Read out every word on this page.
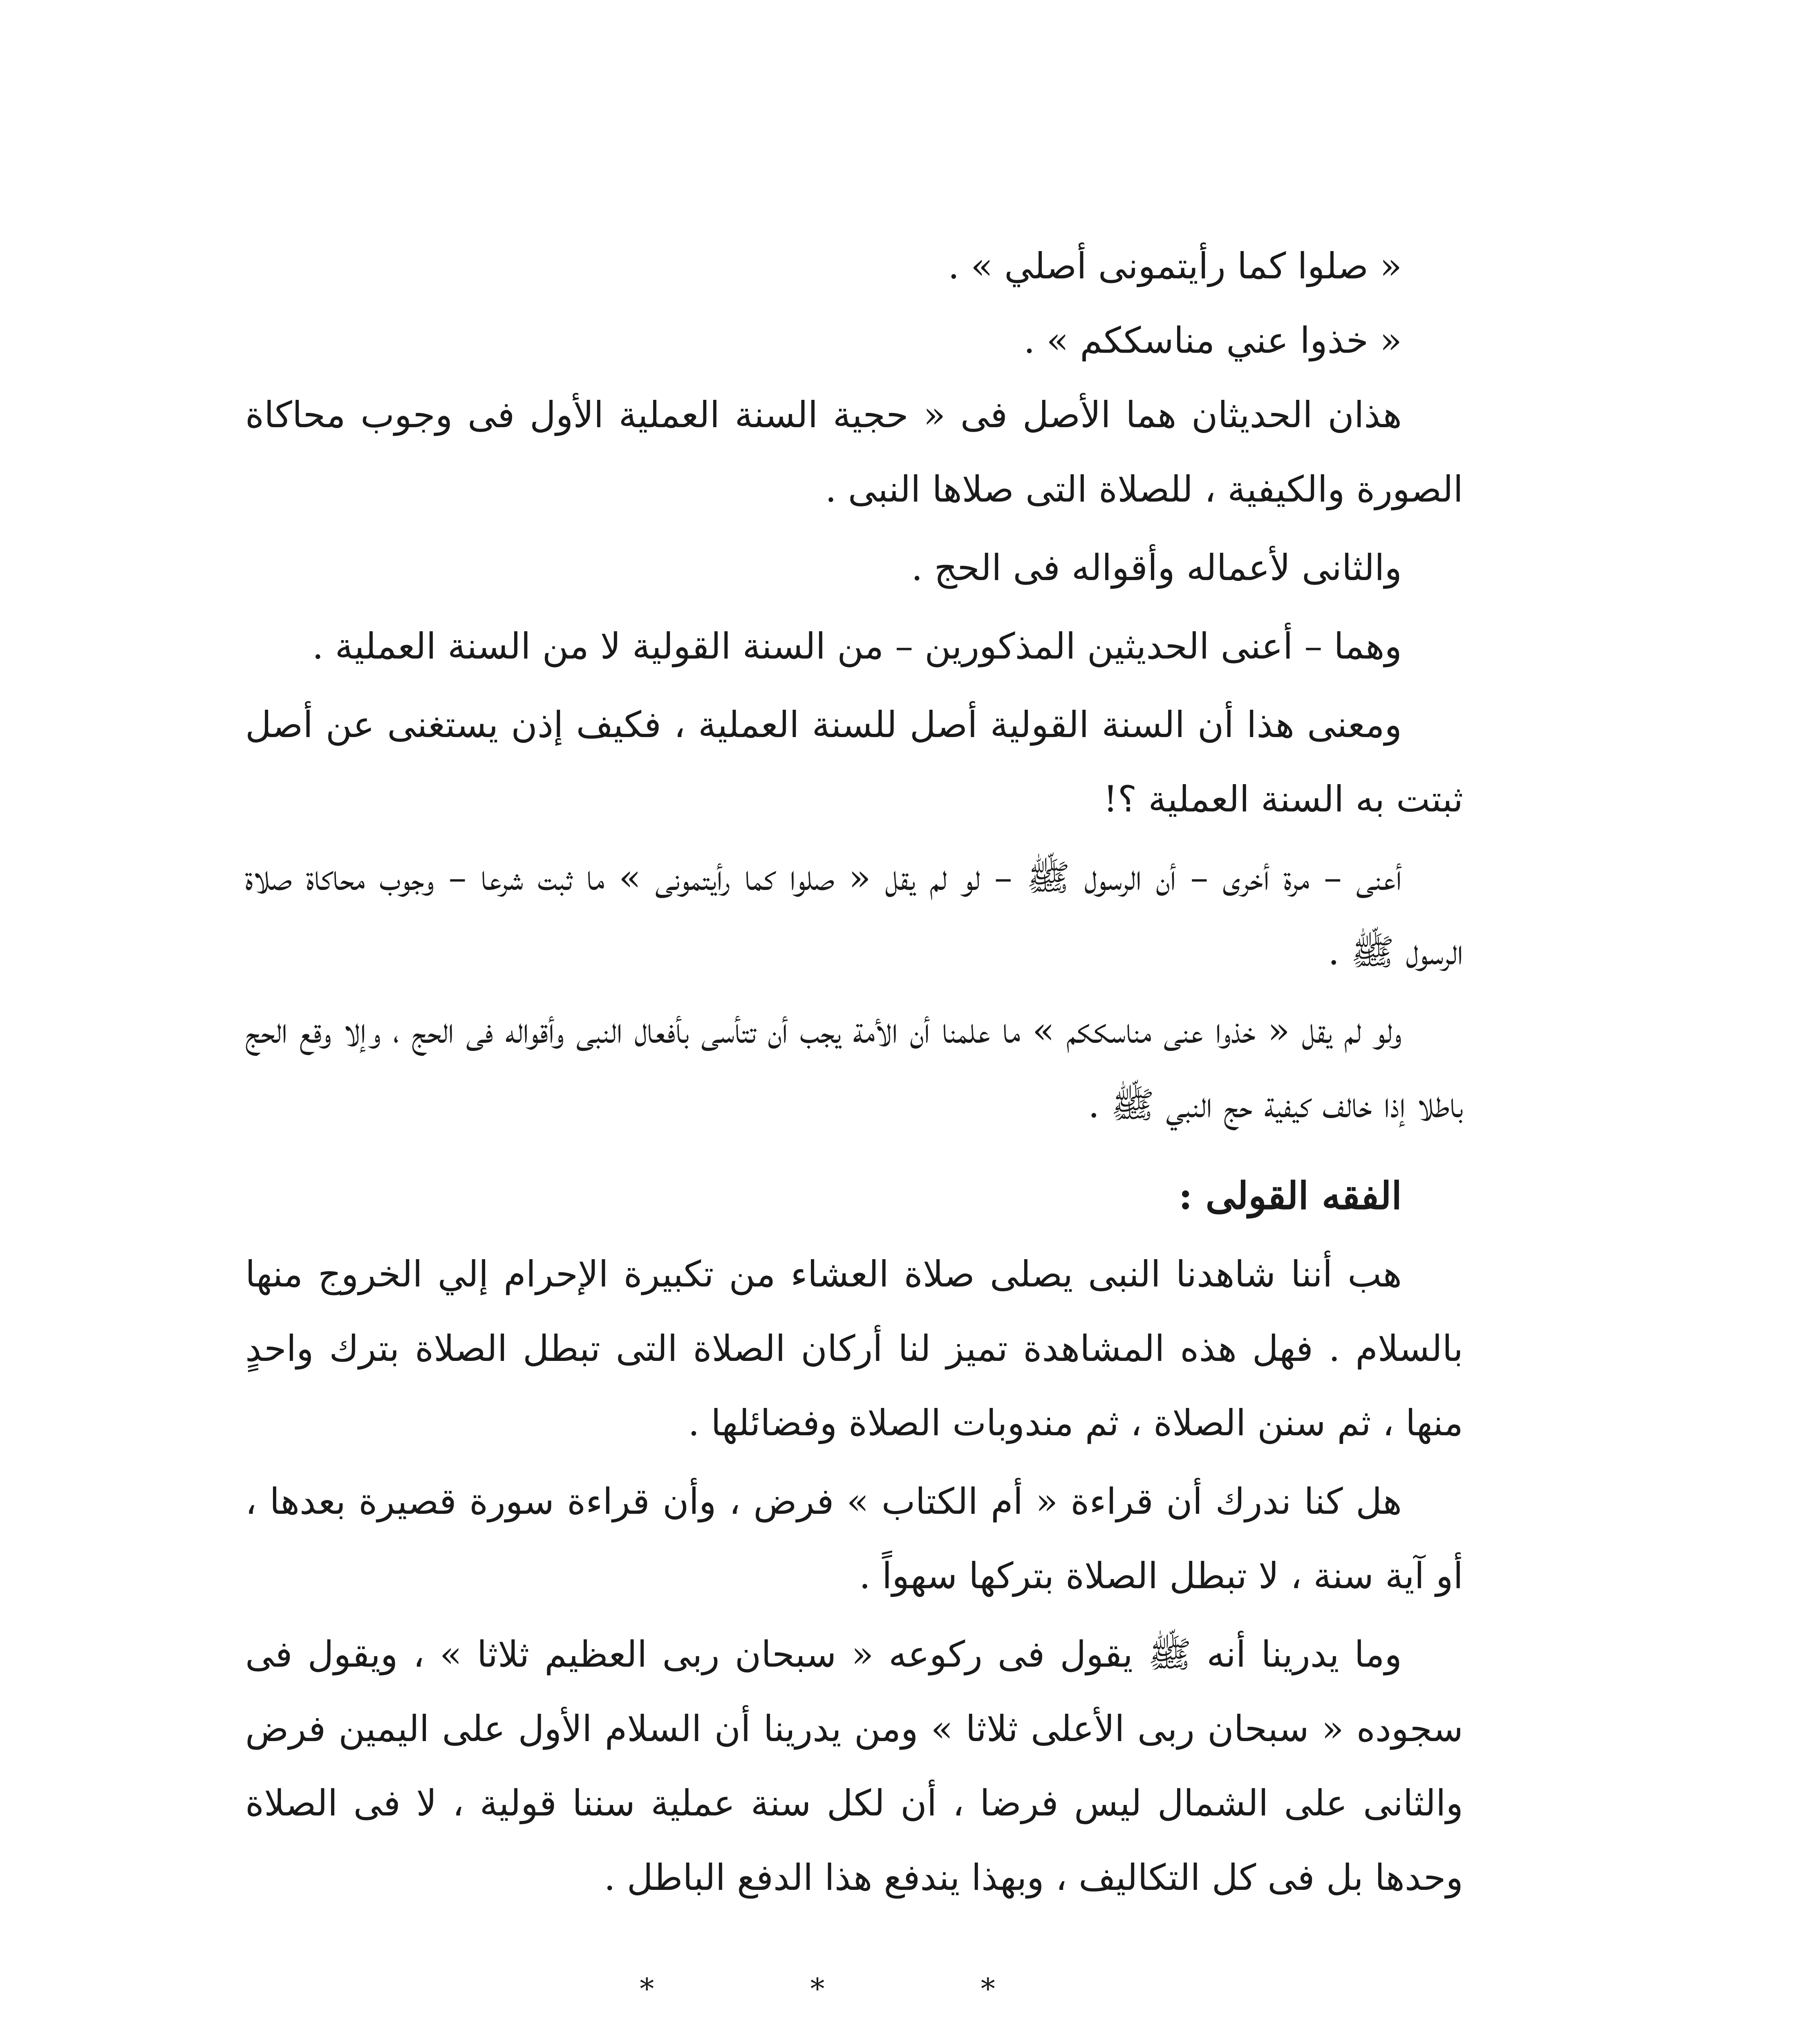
« صلوا كما رأيتمونى أصلي » .

« خذوا عني مناسككم » .

هذان الحديثان هما الأصل فى « حجية السنة العملية الأول فى وجوب محاكاة الصورة والكيفية ، للصلاة التى صلاها النبى .

والثانى لأعماله وأقواله فى الحج .

وهما – أعنى الحديثين المذكورين – من السنة القولية لا من السنة العملية .

ومعنى هذا أن السنة القولية أصل للسنة العملية ، فكيف إذن يستغنى عن أصل ثبتت به السنة العملية ؟!

أعنى – مرة أخرى – أن الرسول ﷺ – لو لم يقل « صلوا كما رأيتمونى » ما ثبت شرعا – وجوب محاكاة صلاة الرسول ﷺ .

ولو لم يقل « خذوا عنى مناسككم » ما علمنا أن الأمة يجب أن تتأسى بأفعال النبى وأقواله فى الحج ، وإلا وقع الحج باطلا إذا خالف كيفية حج النبي ﷺ .

الفقه القولى :

هب أننا شاهدنا النبى يصلى صلاة العشاء من تكبيرة الإحرام إلي الخروج منها بالسلام . فهل هذه المشاهدة تميز لنا أركان الصلاة التى تبطل الصلاة بترك واحدٍ منها ، ثم سنن الصلاة ، ثم مندوبات الصلاة وفضائلها .

هل كنا ندرك أن قراءة « أم الكتاب » فرض ، وأن قراءة سورة قصيرة بعدها ، أو آية سنة ، لا تبطل الصلاة بتركها سهواً .

وما يدرينا أنه ﷺ يقول فى ركوعه « سبحان ربى العظيم ثلاثا » ، ويقول فى سجوده « سبحان ربى الأعلى ثلاثا » ومن يدرينا أن السلام الأول على اليمين فرض والثانى على الشمال ليس فرضا ، أن لكل سنة عملية سننا قولية ، لا فى الصلاة وحدها بل فى كل التكاليف ، وبهذا يندفع هذا الدفع الباطل .

* * *
